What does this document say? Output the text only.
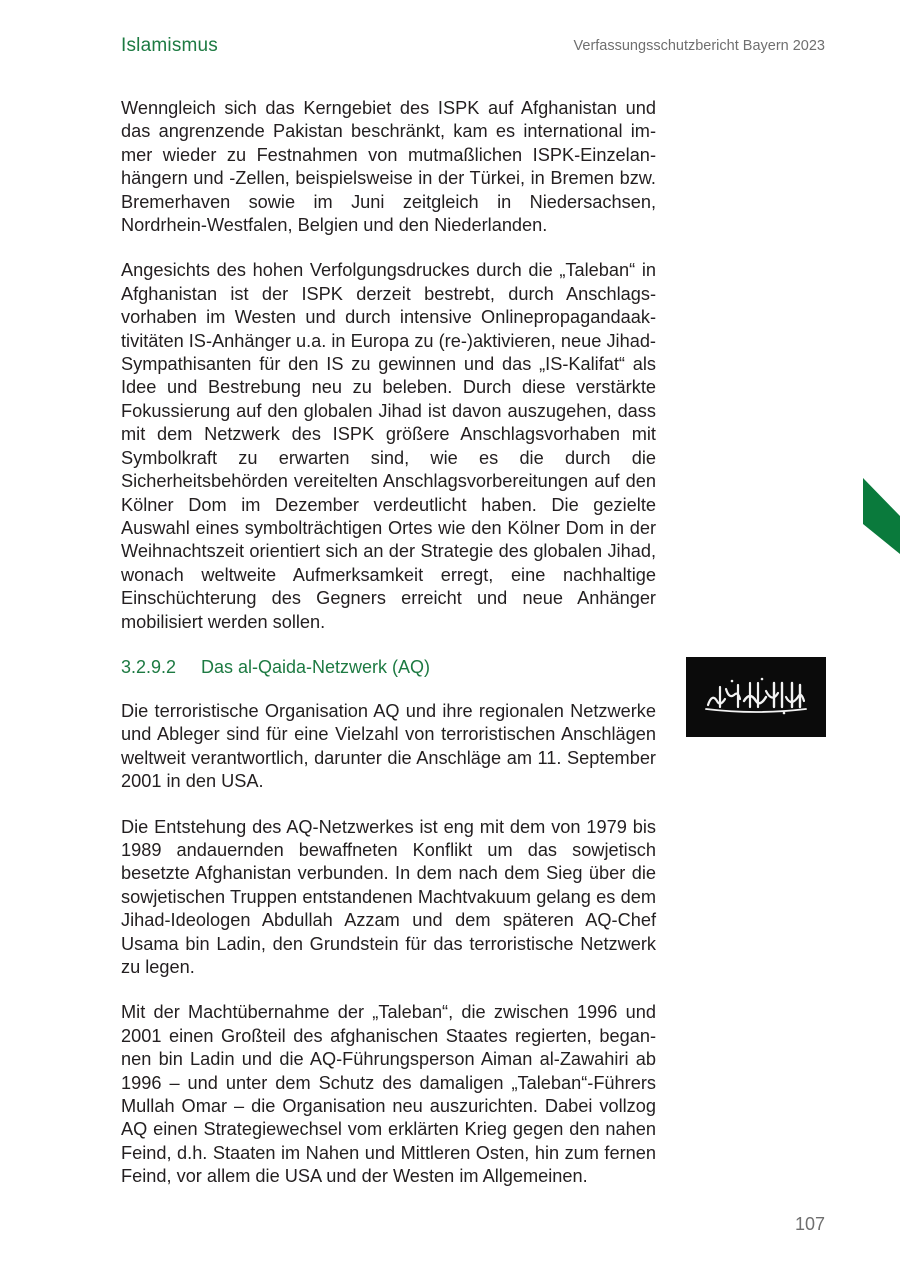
Islamismus	Verfassungsschutzbericht Bayern 2023

Wenngleich sich das Kerngebiet des ISPK auf Afghanistan und das angrenzende Pakistan beschränkt, kam es international immer wieder zu Festnahmen von mutmaßlichen ISPK-Einzelanhängern und -Zellen, beispielsweise in der Türkei, in Bremen bzw. Bremerhaven sowie im Juni zeitgleich in Niedersachsen, Nordrhein-Westfalen, Belgien und den Niederlanden.

Angesichts des hohen Verfolgungsdruckes durch die „Taleban“ in Afghanistan ist der ISPK derzeit bestrebt, durch Anschlagsvorhaben im Westen und durch intensive Onlinepropagandaaktivitäten IS-Anhänger u.a. in Europa zu (re-)aktivieren, neue Jihad-Sympathisanten für den IS zu gewinnen und das „IS-Kalifat“ als Idee und Bestrebung neu zu beleben. Durch diese verstärkte Fokussierung auf den globalen Jihad ist davon auszugehen, dass mit dem Netzwerk des ISPK größere Anschlagsvorhaben mit Symbolkraft zu erwarten sind, wie es die durch die Sicherheitsbehörden vereitelten Anschlagsvorbereitungen auf den Kölner Dom im Dezember verdeutlicht haben. Die gezielte Auswahl eines symbolträchtigen Ortes wie den Kölner Dom in der Weihnachtszeit orientiert sich an der Strategie des globalen Jihad, wonach weltweite Aufmerksamkeit erregt, eine nachhaltige Einschüchterung des Gegners erreicht und neue Anhänger mobilisiert werden sollen.

3.2.9.2 Das al-Qaida-Netzwerk (AQ)

Die terroristische Organisation AQ und ihre regionalen Netzwerke und Ableger sind für eine Vielzahl von terroristischen Anschlägen weltweit verantwortlich, darunter die Anschläge am 11. September 2001 in den USA.

Die Entstehung des AQ-Netzwerkes ist eng mit dem von 1979 bis 1989 andauernden bewaffneten Konflikt um das sowjetisch besetzte Afghanistan verbunden. In dem nach dem Sieg über die sowjetischen Truppen entstandenen Machtvakuum gelang es dem Jihad-Ideologen Abdullah Azzam und dem späteren AQ-Chef Usama bin Ladin, den Grundstein für das terroristische Netzwerk zu legen.

Mit der Machtübernahme der „Taleban“, die zwischen 1996 und 2001 einen Großteil des afghanischen Staates regierten, begannen bin Ladin und die AQ-Führungsperson Aiman al-Zawahiri ab 1996 – und unter dem Schutz des damaligen „Taleban“-Führers Mullah Omar – die Organisation neu auszurichten. Dabei vollzog AQ einen Strategiewechsel vom erklärten Krieg gegen den nahen Feind, d.h. Staaten im Nahen und Mittleren Osten, hin zum fernen Feind, vor allem die USA und der Westen im Allgemeinen.

107
